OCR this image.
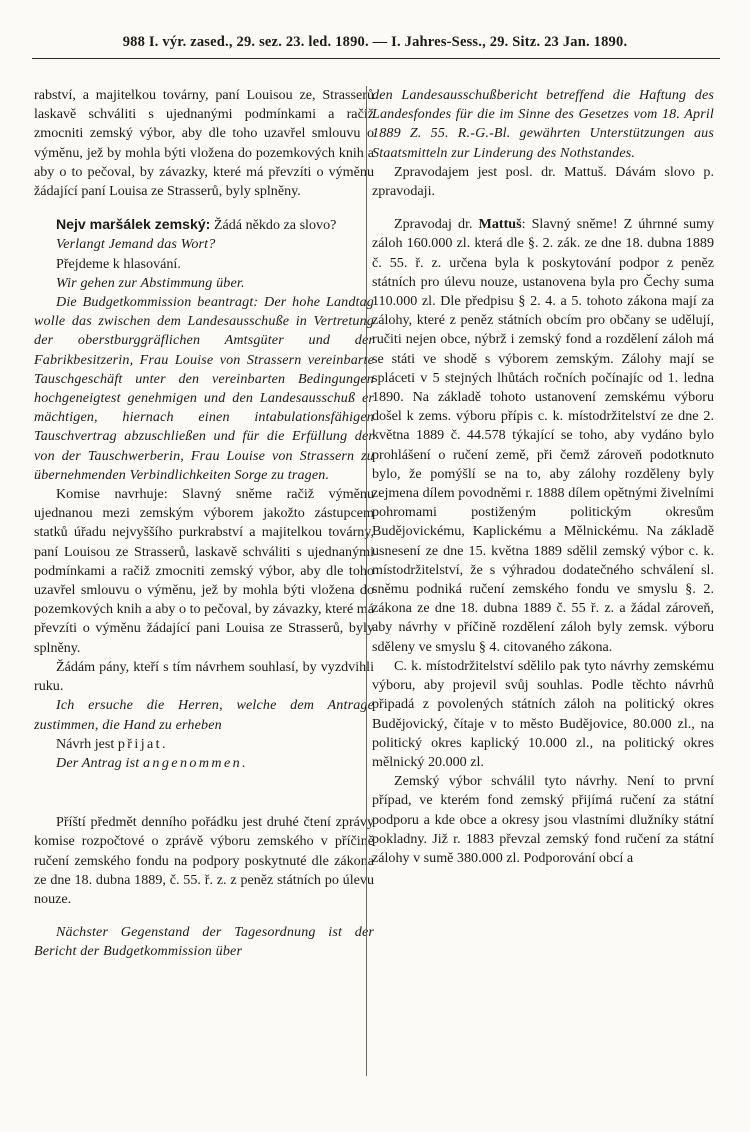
988 I. výr. zased., 29. sez. 23. led. 1890. — I. Jahres-Sess., 29. Sitz. 23 Jan. 1890.

rabství, a majitelkou továrny, paní Louisou ze, Strasserů laskavě schváliti s ujednanými podmínkami a račiž zmocniti zemský výbor, aby dle toho uzavřel smlouvu o výměnu, jež by mohla býti vložena do pozemkových knih a aby o to pečoval, by závazky, které má převzíti o výměnu žádající paní Louisa ze Strasserů, byly splněny.

Nejv maršálek zemský: Žádá někdo za slovo?

Verlangt Jemand das Wort?

Přejdeme k hlasování.

Wir gehen zur Abstimmung über.

Die Budgetkommission beantragt: Der hohe Landtag wolle das zwischen dem Landesausschuße in Vertretung der oberstburggräflichen Amtsgüter und der Fabrikbesitzerin, Frau Louise von Strassern vereinbarte Tauschgeschäft unter den vereinbarten Bedingungen hochgeneigtest genehmigen und den Landesausschuß er mächtigen, hiernach einen intabulationsfähigen Tauschvertrag abzuschließen und für die Erfüllung der von der Tauschwerberin, Frau Louise von Strassern zu übernehmenden Verbindlichkeiten Sorge zu tragen.

Komise navrhuje: Slavný sněme račiž výměnu ujednanou mezi zemským výborem jakožto zástupcem statků úřadu nejvyššího purkrabství a majitelkou továrny, paní Louisou ze Strasserů, laskavě schváliti s ujednanými podmínkami a račiž zmocniti zemský výbor, aby dle toho uzavřel smlouvu o výměnu, jež by mohla býti vložena do pozemkových knih a aby o to pečoval, by závazky, které má převzíti o výměnu žádající pani Louisa ze Strasserů, byly splněny.

Žádám pány, kteří s tím návrhem souhlasí, by vyzdvihli ruku.

Ich ersuche die Herren, welche dem Antrage zustimmen, die Hand zu erheben

Návrh jest přijat.

Der Antrag ist angenommen.

Příští předmět denního pořádku jest druhé čtení zprávy komise rozpočtové o zprávě výboru zemského v příčině ručení zemského fondu na podpory poskytnuté dle zákona ze dne 18. dubna 1889, č. 55. ř. z. z peněz státních po úlevu nouze.

Nächster Gegenstand der Tagesordnung ist der Bericht der Budgetkommission über

den Landesausschußbericht betreffend die Haftung des Landesfondes für die im Sinne des Gesetzes vom 18. April 1889 Z. 55. R.-G.-Bl. gewährten Unterstützungen aus Staatsmitteln zur Linderung des Nothstandes.

Zpravodajem jest posl. dr. Mattuš. Dávám slovo p. zpravodaji.

Zpravodaj dr. Mattuš: Slavný sněme! Z úhrnné sumy záloh 160.000 zl. která dle §. 2. zák. ze dne 18. dubna 1889 č. 55. ř. z. určena byla k poskytování podpor z peněz státních pro úlevu nouze, ustanovena byla pro Čechy suma 110.000 zl. Dle předpisu § 2. 4. a 5. tohoto zákona mají za zálohy, které z peněz státních obcím pro občany se udělují, ručiti nejen obce, nýbrž i zemský fond a rozdělení záloh má se státi ve shodě s výborem zemským. Zálohy mají se spláceti v 5 stejných lhůtách ročních počínajíc od 1. ledna 1890. Na základě tohoto ustanovení zemskému výboru došel k zems. výboru přípis c. k. místodržitelství ze dne 2. května 1889 č. 44.578 týkající se toho, aby vydáno bylo prohlášení o ručení země, při čemž zároveň podotknuto bylo, že pomýšlí se na to, aby zálohy rozděleny byly zejmena dílem povodněmi r. 1888 dílem opětnými živelními pohromami postiženým politickým okresům Budějovickému, Kaplickému a Mělnickému. Na základě usnesení ze dne 15. května 1889 sdělil zemský výbor c. k. místodržitelství, že s výhradou dodatečného schválení sl. sněmu podniká ručení zemského fondu ve smyslu §. 2. zákona ze dne 18. dubna 1889 č. 55 ř. z. a žádal zároveň, aby návrhy v příčině rozdělení záloh byly zemsk. výboru sděleny ve smyslu § 4. citovaného zákona.

C. k. místodržitelství sdělilo pak tyto návrhy zemskému výboru, aby projevil svůj souhlas. Podle těchto návrhů připadá z povolených státních záloh na politický okres Budějovický, čítaje v to město Budějovice, 80.000 zl., na politický okres kaplický 10.000 zl., na politický okres mělnický 20.000 zl.

Zemský výbor schválil tyto návrhy. Není to první případ, ve kterém fond zemský přijímá ručení za státní podporu a kde obce a okresy jsou vlastními dlužníky státní pokladny. Již r. 1883 převzal zemský fond ručení za státní zálohy v sumě 380.000 zl. Podporování obcí a
